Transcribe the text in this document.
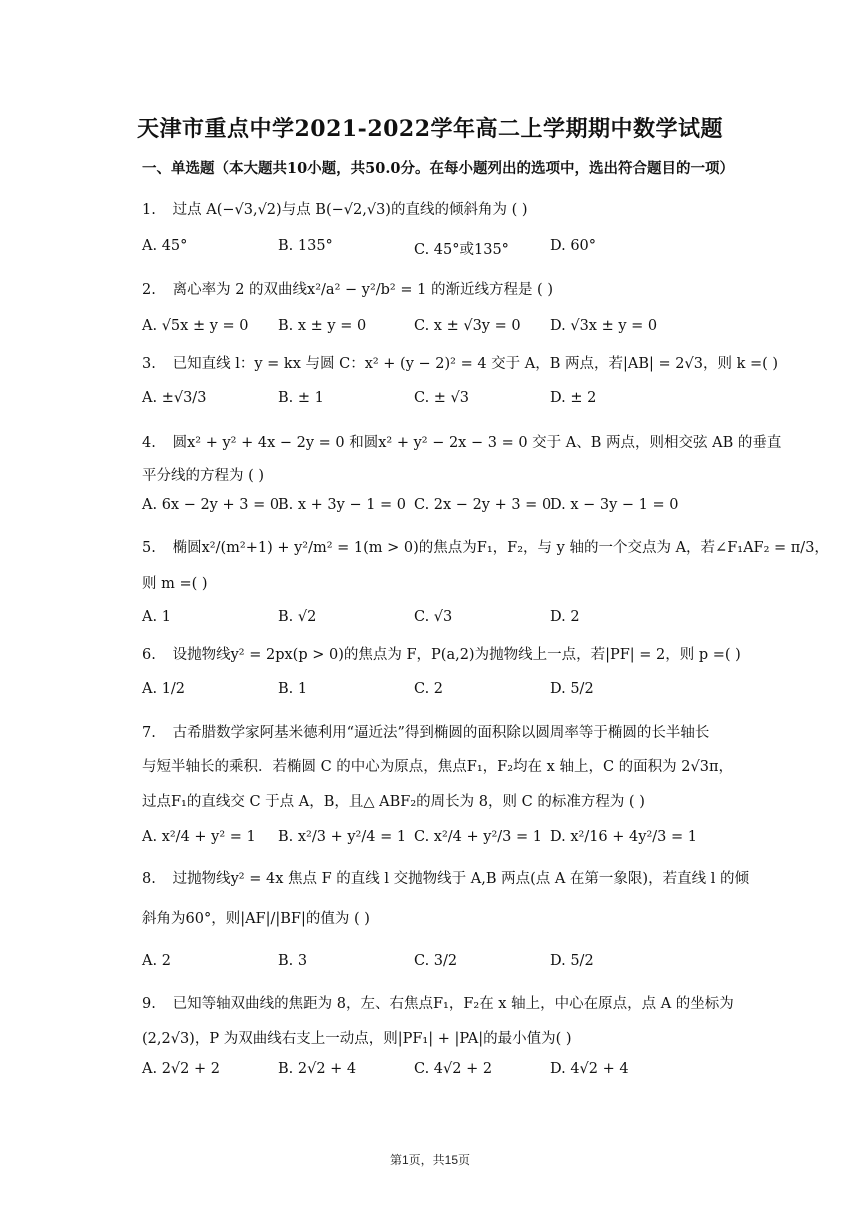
天津市重点中学2021-2022学年高二上学期期中数学试题
一、单选题（本大题共10小题，共50.0分。在每小题列出的选项中，选出符合题目的一项）
1. 过点 A(−√3,√2)与点 B(−√2,√3)的直线的倾斜角为 ( )
A. 45°	B. 135°	C. 45°或135°	D. 60°
2. 离心率为 2 的双曲线x²/a² − y²/b² = 1 的渐近线方程是 ( )
A. √5x ± y = 0 B. x ± y = 0	C. x ± √3y = 0 D. √3x ± y = 0
3. 已知直线 l：y = kx 与圆 C：x² + (y − 2)² = 4 交于 A，B 两点，若|AB| = 2√3，则 k =( )
A. ±√3/3	B. ± 1	C. ± √3	D. ± 2
4. 圆x² + y² + 4x − 2y = 0 和圆x² + y² − 2x − 3 = 0 交于 A、B 两点，则相交弦 AB 的垂直
平分线的方程为 ( )
A. 6x − 2y + 3 = 0
B. x + 3y − 1 = 0 C. 2x − 2y + 3 = 0
D. x − 3y − 1 = 0
5. 椭圆x²/(m²+1) + y²/m² = 1(m > 0)的焦点为F₁，F₂，与 y 轴的一个交点为 A，若∠F₁AF₂ = π/3，
则 m =( )
A. 1	B. √2	C. √3	D. 2
6. 设抛物线y² = 2px(p > 0)的焦点为 F，P(a,2)为抛物线上一点，若|PF| = 2，则 p =( )
A. 1/2	B. 1	C. 2	D. 5/2
7. 古希腊数学家阿基米德利用“逼近法”得到椭圆的面积除以圆周率等于椭圆的长半轴长
与短半轴长的乘积．若椭圆 C 的中心为原点，焦点F₁，F₂均在 x 轴上，C 的面积为 2√3π，
过点F₁的直线交 C 于点 A，B，且△ ABF₂的周长为 8，则 C 的标准方程为 ( )
A. x²/4 + y² = 1 B. x²/3 + y²/4 = 1 C. x²/4 + y²/3 = 1 D. x²/16 + 4y²/3 = 1
8. 过抛物线y² = 4x 焦点 F 的直线 l 交抛物线于 A,B 两点(点 A 在第一象限)，若直线 l 的倾
斜角为60°，则|AF|/|BF|的值为 ( )
A. 2	B. 3	C. 3/2	D. 5/2
9. 已知等轴双曲线的焦距为 8，左、右焦点F₁，F₂在 x 轴上，中心在原点，点 A 的坐标为
(2,2√3)，P 为双曲线右支上一动点，则|PF₁| + |PA|的最小值为( )
A. 2√2 + 2	B. 2√2 + 4	C. 4√2 + 2	D. 4√2 + 4
第1页，共15页
